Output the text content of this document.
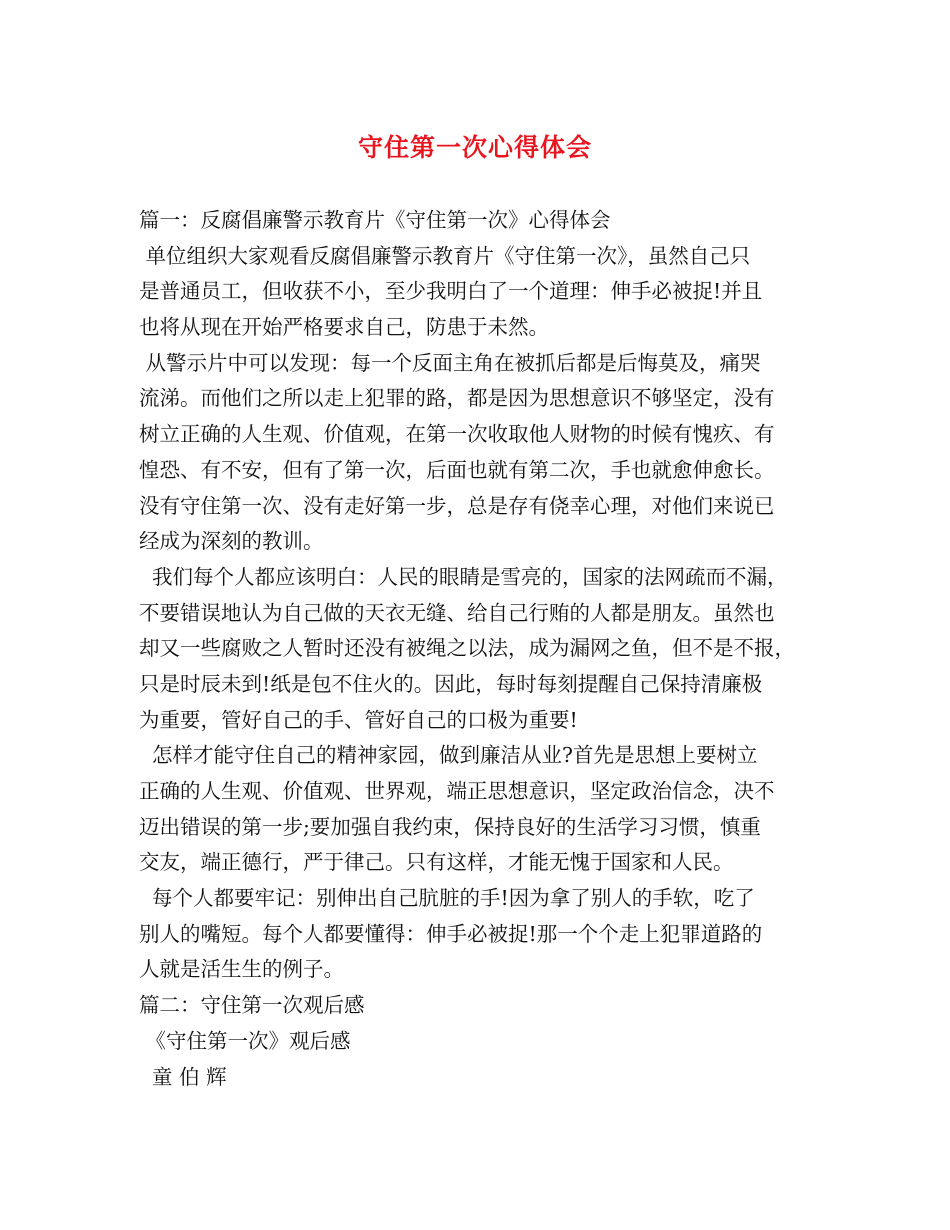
守住第一次心得体会
篇一：反腐倡廉警示教育片《守住第一次》心得体会
单位组织大家观看反腐倡廉警示教育片《守住第一次》，虽然自己只
是普通员工，但收获不小，至少我明白了一个道理：伸手必被捉!并且
也将从现在开始严格要求自己，防患于未然。
从警示片中可以发现：每一个反面主角在被抓后都是后悔莫及，痛哭
流涕。而他们之所以走上犯罪的路，都是因为思想意识不够坚定，没有
树立正确的人生观、价值观，在第一次收取他人财物的时候有愧疚、有
惶恐、有不安，但有了第一次，后面也就有第二次，手也就愈伸愈长。
没有守住第一次、没有走好第一步，总是存有侥幸心理，对他们来说已
经成为深刻的教训。
我们每个人都应该明白：人民的眼睛是雪亮的，国家的法网疏而不漏，
不要错误地认为自己做的天衣无缝、给自己行贿的人都是朋友。虽然也
却又一些腐败之人暂时还没有被绳之以法，成为漏网之鱼，但不是不报，
只是时辰未到!纸是包不住火的。因此，每时每刻提醒自己保持清廉极
为重要，管好自己的手、管好自己的口极为重要!
怎样才能守住自己的精神家园，做到廉洁从业?首先是思想上要树立
正确的人生观、价值观、世界观，端正思想意识，坚定政治信念，决不
迈出错误的第一步;要加强自我约束，保持良好的生活学习习惯，慎重
交友，端正德行，严于律己。只有这样，才能无愧于国家和人民。
每个人都要牢记：别伸出自己肮脏的手!因为拿了别人的手软，吃了
别人的嘴短。每个人都要懂得：伸手必被捉!那一个个走上犯罪道路的
人就是活生生的例子。
篇二：守住第一次观后感
《守住第一次》观后感
童 伯 辉
